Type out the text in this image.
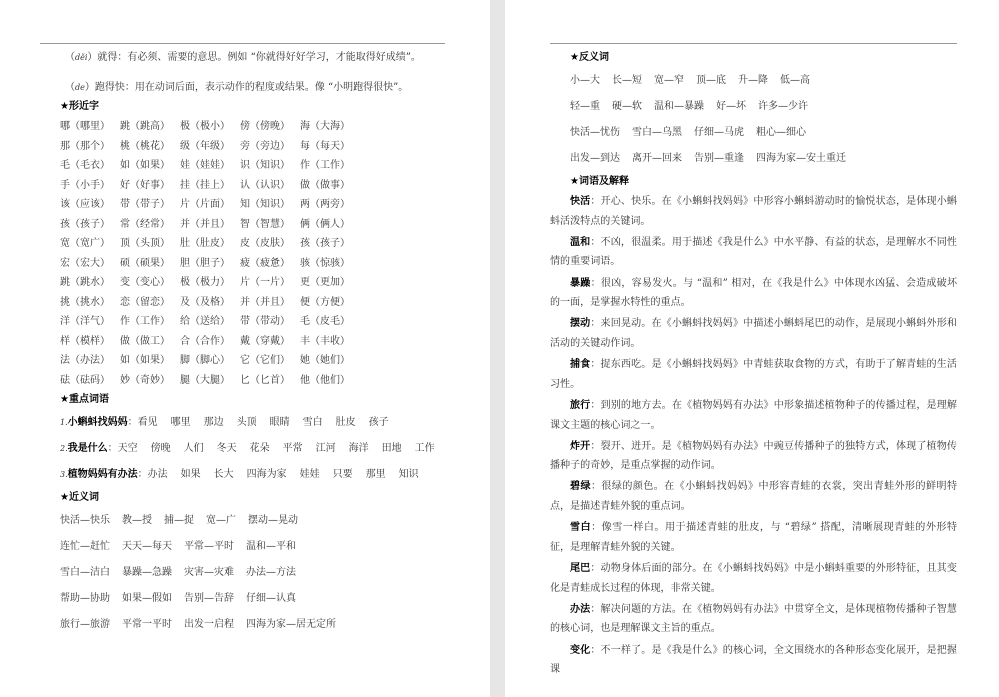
（děi）就得：有必须、需要的意思。例如 “你就得好好学习，才能取得好成绩”。
（de）跑得快：用在动词后面，表示动作的程度或结果。像 “小明跑得很快”。
★形近字
哪（哪里）	跳（跳高）	极（极小）	傍（傍晚）	海（大海）
那（那个）	桃（桃花）	级（年级）	旁（旁边）	每（每天）
毛（毛衣）	如（如果）	娃（娃娃）	识（知识）	作（工作）
手（小手）	好（好事）	挂（挂上）	认（认识）	做（做事）
该（应该）	带（带子）	片（片面）	知（知识）	两（两旁）
孩（孩子）	常（经常）	并（并且）	智（智慧）	俩（俩人）
宽（宽广）	顶（头顶）	肚（肚皮）	皮（皮肤）	孩（孩子）
宏（宏大）	硕（硕果）	胆（胆子）	疲（疲惫）	骇（惊骇）
跳（跳水）	变（变心）	极（极力）	片（一片）	更（更加）
挑（挑水）	恋（留恋）	及（及格）	并（并且）	便（方便）
洋（洋气）	作（工作）	给（送给）	带（带动）	毛（皮毛）
样（模样）	做（做工）	合（合作）	戴（穿戴）	丰（丰收）
法（办法）	如（如果）	脚（脚心）	它（它们）	她（她们）
砝（砝码）	妙（奇妙）	腿（大腿）	匕（匕首）	他（他们）
★重点词语
1.小蝌蚪找妈妈：看见 哪里 那边 头顶 眼睛 雪白 肚皮 孩子
2.我是什么：天空 傍晚 人们 冬天 花朵 平常 江河 海洋 田地 工作
3.植物妈妈有办法：办法 如果 长大 四海为家 娃娃 只要 那里 知识
★近义词
快活—快乐 教—授 捕—捉 宽—广 摆动—晃动
连忙—赶忙 天天—每天 平常—平时 温和—平和
雪白—洁白 暴躁—急躁 灾害—灾难 办法—方法
帮助—协助 如果—假如 告别—告辞 仔细—认真
旅行—旅游 平常一平时 出发一启程 四海为家—居无定所
★反义词
小—大 长—短 宽—窄 顶—底 升—降 低—高
轻—重 硬—软 温和—暴躁 好—坏 许多—少许
快活—忧伤 雪白—乌黑 仔细—马虎 粗心—细心
出发—到达 离开—回来 告别—重逢 四海为家—安土重迁
★词语及解释

快活：开心、快乐。在《小蝌蚪找妈妈》中形容小蝌蚪游动时的愉悦状态，是体现小蝌蚪活泼特点的关键词。

温和：不凶，很温柔。用于描述《我是什么》中水平静、有益的状态，是理解水不同性情的重要词语。

暴躁：很凶，容易发火。与 “温和” 相对，在《我是什么》中体现水凶猛、会造成破坏的一面，是掌握水特性的重点。

摆动：来回晃动。在《小蝌蚪找妈妈》中描述小蝌蚪尾巴的动作，是展现小蝌蚪外形和活动的关键动作词。

捕食：捉东西吃。是《小蝌蚪找妈妈》中青蛙获取食物的方式，有助于了解青蛙的生活习性。

旅行：到别的地方去。在《植物妈妈有办法》中形象描述植物种子的传播过程，是理解课文主题的核心词之一。

炸开：裂开、迸开。是《植物妈妈有办法》中豌豆传播种子的独特方式，体现了植物传播种子的奇妙，是重点掌握的动作词。

碧绿：很绿的颜色。在《小蝌蚪找妈妈》中形容青蛙的衣裳，突出青蛙外形的鲜明特点，是描述青蛙外貌的重点词。

雪白：像雪一样白。用于描述青蛙的肚皮，与 “碧绿” 搭配，清晰展现青蛙的外形特征，是理解青蛙外貌的关键。

尾巴：动物身体后面的部分。在《小蝌蚪找妈妈》中是小蝌蚪重要的外形特征，且其变化是青蛙成长过程的体现，非常关键。

办法：解决问题的方法。在《植物妈妈有办法》中贯穿全文，是体现植物传播种子智慧的核心词，也是理解课文主旨的重点。

变化：不一样了。是《我是什么》的核心词，全文围绕水的各种形态变化展开，是把握课
